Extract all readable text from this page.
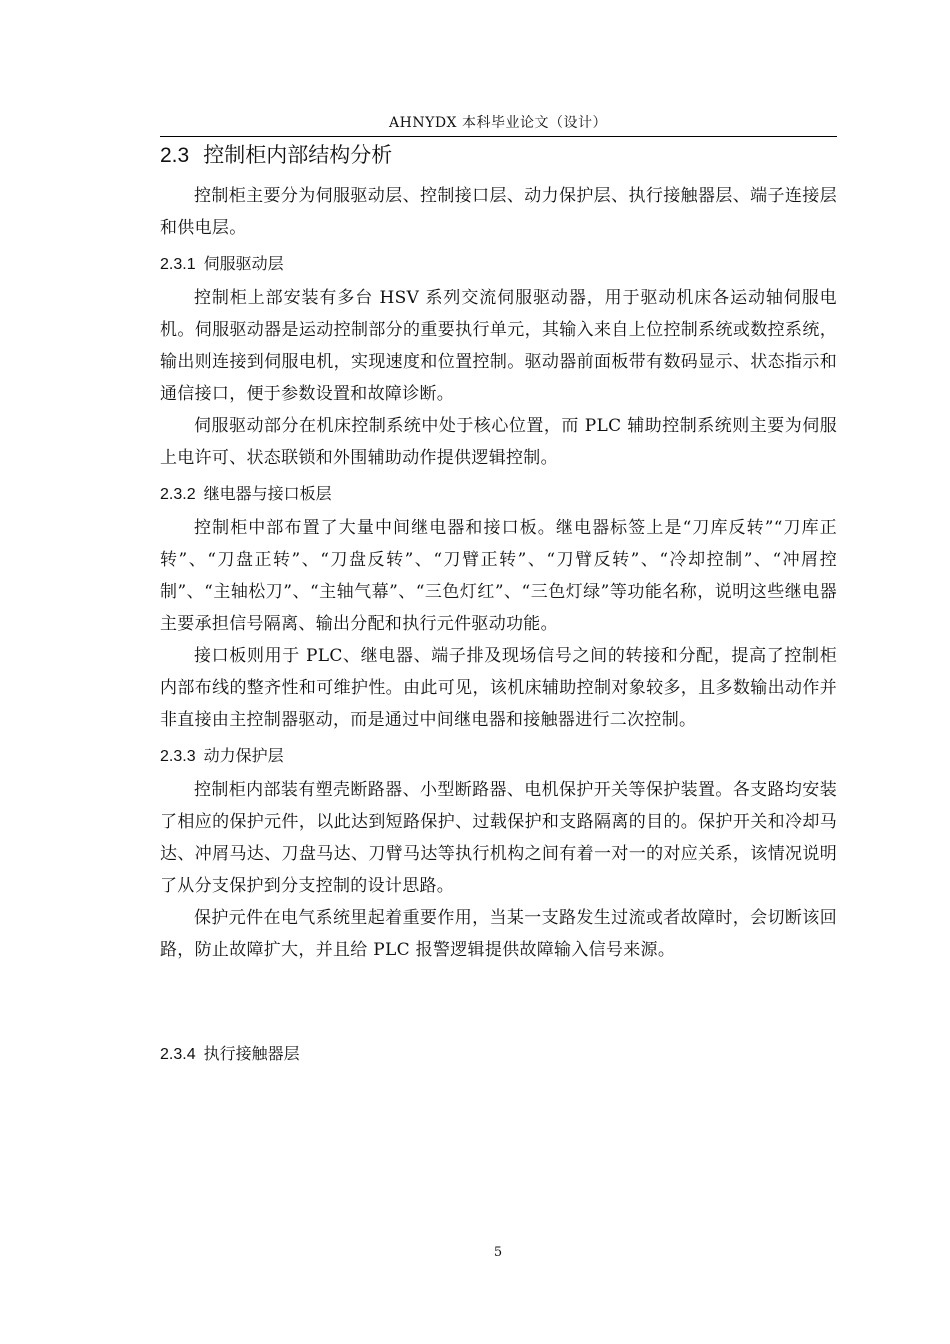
AHNYDX 本科毕业论文（设计）
2.3 控制柜内部结构分析

控制柜主要分为伺服驱动层、控制接口层、动力保护层、执行接触器层、端子连接层和供电层。

2.3.1 伺服驱动层

控制柜上部安装有多台 HSV 系列交流伺服驱动器，用于驱动机床各运动轴伺服电机。伺服驱动器是运动控制部分的重要执行单元，其输入来自上位控制系统或数控系统，输出则连接到伺服电机，实现速度和位置控制。驱动器前面板带有数码显示、状态指示和通信接口，便于参数设置和故障诊断。

伺服驱动部分在机床控制系统中处于核心位置，而 PLC 辅助控制系统则主要为伺服上电许可、状态联锁和外围辅助动作提供逻辑控制。

2.3.2 继电器与接口板层

控制柜中部布置了大量中间继电器和接口板。继电器标签上是“刀库反转”“刀库正转”、“刀盘正转”、“刀盘反转”、“刀臂正转”、“刀臂反转”、“冷却控制”、“冲屑控制”、“主轴松刀”、“主轴气幕”、“三色灯红”、“三色灯绿”等功能名称，说明这些继电器主要承担信号隔离、输出分配和执行元件驱动功能。

接口板则用于 PLC、继电器、端子排及现场信号之间的转接和分配，提高了控制柜内部布线的整齐性和可维护性。由此可见，该机床辅助控制对象较多，且多数输出动作并非直接由主控制器驱动，而是通过中间继电器和接触器进行二次控制。

2.3.3 动力保护层

控制柜内部装有塑壳断路器、小型断路器、电机保护开关等保护装置。各支路均安装了相应的保护元件，以此达到短路保护、过载保护和支路隔离的目的。保护开关和冷却马达、冲屑马达、刀盘马达、刀臂马达等执行机构之间有着一对一的对应关系，该情况说明了从分支保护到分支控制的设计思路。

保护元件在电气系统里起着重要作用，当某一支路发生过流或者故障时，会切断该回路，防止故障扩大，并且给 PLC 报警逻辑提供故障输入信号来源。

2.3.4 执行接触器层
5
